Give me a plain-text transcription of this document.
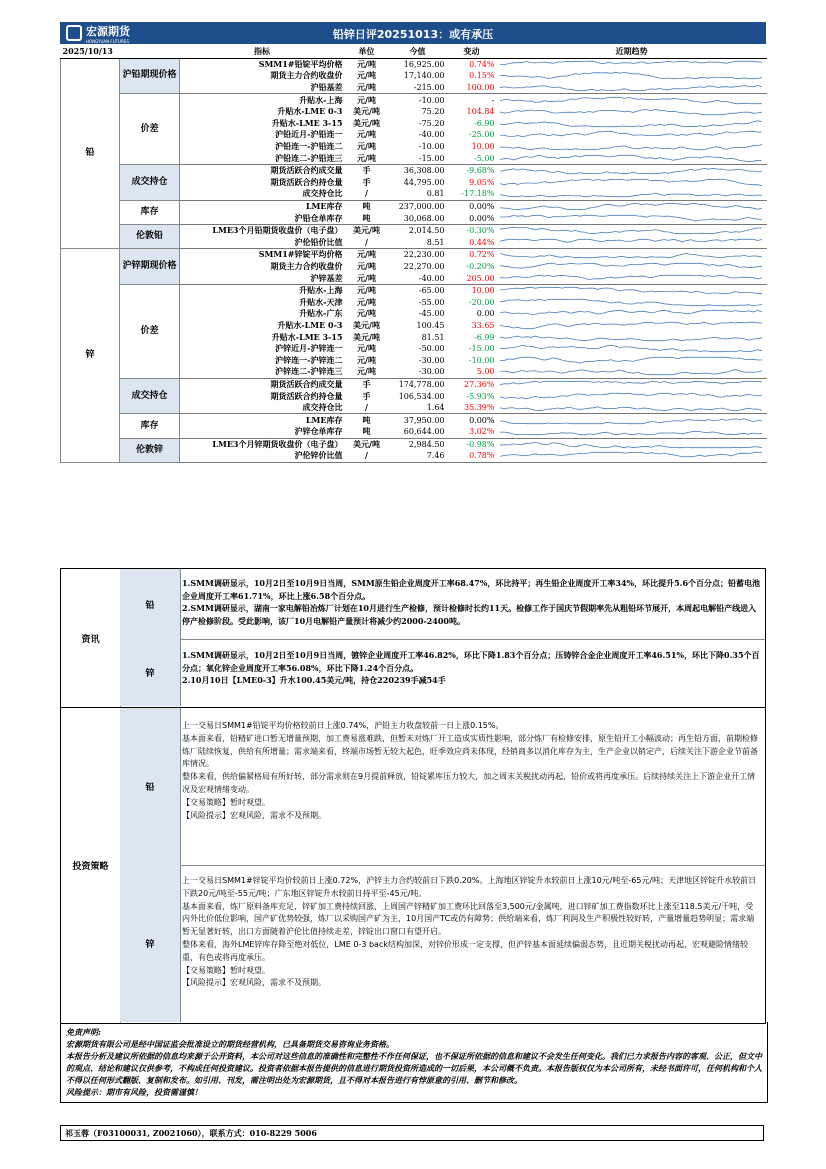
宏源期货
HONGYUAN FUTURES	铅锌日评20251013：或有承压
2025/10/13		指标	单位	今值	变动	近期趋势
铅	沪铅期现价格	SMM1#铅锭平均价格	元/吨	16,925.00	0.74%	

		期货主力合约收盘价	元/吨	17,140.00	0.15%	

		沪铅基差	元/吨	-215.00	100.00	

	价差	升贴水-上海	元/吨	-10.00	-	

		升贴水-LME 0-3	美元/吨	75.20	104.84	

		升贴水-LME 3-15	美元/吨	-75.20	-6.90	

		沪铅近月-沪铅连一	元/吨	-40.00	-25.00	

		沪铅连一-沪铅连二	元/吨	-10.00	10.00	

		沪铅连二-沪铅连三	元/吨	-15.00	-5.00	

	成交持仓	期货活跃合约成交量	手	36,308.00	-9.68%	

		期货活跃合约持仓量	手	44,795.00	9.05%	

		成交持仓比	/	0.81	-17.18%	

	库存	LME库存	吨	237,000.00	0.00%	

		沪铅仓单库存	吨	30,068.00	0.00%	

	伦敦铅	LME3个月铅期货收盘价（电子盘）	美元/吨	2,014.50	-0.30%	

		沪伦铅价比值	/	8.51	0.44%	

锌	沪锌期现价格	SMM1#锌锭平均价格	元/吨	22,230.00	0.72%	

		期货主力合约收盘价	元/吨	22,270.00	-0.20%	

		沪锌基差	元/吨	-40.00	205.00	

	价差	升贴水-上海	元/吨	-65.00	10.00	

		升贴水-天津	元/吨	-55.00	-20.00	

		升贴水-广东	元/吨	-45.00	0.00	

		升贴水-LME 0-3	美元/吨	100.45	33.65	

		升贴水-LME 3-15	美元/吨	81.51	-6.99	

		沪锌近月-沪锌连一	元/吨	-50.00	-15.00	

		沪锌连一-沪锌连二	元/吨	-30.00	-10.00	

		沪锌连二-沪锌连三	元/吨	-30.00	5.00	

	成交持仓	期货活跃合约成交量	手	174,778.00	27.36%	

		期货活跃合约持仓量	手	106,534.00	-5.93%	

		成交持仓比	/	1.64	35.39%	

	库存	LME库存	吨	37,950.00	0.00%	

		沪锌仓单库存	吨	60,644.00	3.02%	

	伦敦锌	LME3个月锌期货收盘价（电子盘）	美元/吨	2,984.50	-0.98%	

		沪伦锌价比值	/	7.46	0.78%	
资讯
铅
1.SMM调研显示，10月2日至10月9日当周，SMM原生铅企业周度开工率68.47%，环比持平；再生铅企业周度开工率34%，环比提升5.6个百分点；铅蓄电池企业周度开工率61.71%，环比上涨6.58个百分点。
2.SMM调研显示，湖南一家电解铅冶炼厂计划在10月进行生产检修，预计检修时长约11天。检修工作于国庆节假期率先从粗铅环节展开，本周起电解铅产线进入停产检修阶段。受此影响，该厂10月电解铅产量预计将减少约2000-2400吨。
锌
1.SMM调研显示，10月2日至10月9日当周，镀锌企业周度开工率46.82%，环比下降1.83个百分点；压铸锌合金企业周度开工率46.51%，环比下降0.35个百分点；氧化锌企业周度开工率56.08%，环比下降1.24个百分点。
2.10月10日【LME0-3】升水100.45美元/吨，持仓220239手减54手
投资策略
铅
上一交易日SMM1#铅锭平均价格较前日上涨0.74%，沪铅主力收盘较前一日上涨0.15%。
基本面来看，铅精矿进口暂无增量预期，加工费易涨难跌，但暂未对炼厂开工造成实质性影响，部分炼厂有检修安排，原生铅开工小幅波动；再生铅方面，前期检修炼厂陆续恢复，供给有所增量；需求端来看，终端市场暂无较大起色，旺季效应尚未体现，经销商多以消化库存为主，生产企业以销定产，后续关注下游企业节前备库情况。
整体来看，供给偏紧格局有所好转，部分需求则在9月提前释放，铅锭累库压力较大，加之周末关税扰动再起，铅价或将再度承压。后续持续关注上下游企业开工情况及宏观情绪变动。
【交易策略】暂时观望。
【风险提示】宏观风险，需求不及预期。
锌
上一交易日SMM1#锌锭平均价较前日上涨0.72%，沪锌主力合约较前日下跌0.20%。上海地区锌锭升水较前日上涨10元/吨至-65元/吨；天津地区锌锭升水较前日下跌20元/吨至-55元/吨；广东地区锌锭升水较前日持平至-45元/吨。
基本面来看，炼厂原料备库充足，锌矿加工费持续回涨，上周国产锌精矿加工费环比回落至3,500元/金属吨，进口锌矿加工费指数环比上涨至118.5美元/干吨，受内外比价低位影响，国产矿优势较强，炼厂以采购国产矿为主，10月国产TC或仍有障势；供给端来看，炼厂利润及生产积极性较好转，产量增量趋势明显；需求端暂无显著好转，出口方面随着沪伦比值持续走差，锌锭出口窗口有望开启。
整体来看，海外LME锌库存降至绝对低位，LME 0-3 back结构加深，对锌价形成一定支撑，但沪锌基本面延续偏弱态势，且近期关税扰动再起，宏观避险情绪较重，有色或将再度承压。
【交易策略】暂时观望。
【风险提示】宏观风险，需求不及预期。
免责声明:
宏源期货有限公司是经中国证监会批准设立的期货经营机构，已具备期货交易咨询业务资格。
本报告分析及建议所依据的信息均来源于公开资料，本公司对这些信息的准确性和完整性不作任何保证，也不保证所依据的信息和建议不会发生任何变化。我们已力求报告内容的客观、公正，但文中的观点、结论和建议仅供参考，不构成任何投资建议。投资者依据本报告提供的信息进行期货投资所造成的一切后果，本公司概不负责。本报告版权仅为本公司所有，未经书面许可，任何机构和个人不得以任何形式翻版、复制和发布。如引用、刊发，需注明出处为宏源期货，且不得对本报告进行有悖原意的引用、删节和修改。
风险提示：期市有风险，投资需谨慎！
祁玉蓉（F03100031, Z0021060），联系方式：010-8229 5006
